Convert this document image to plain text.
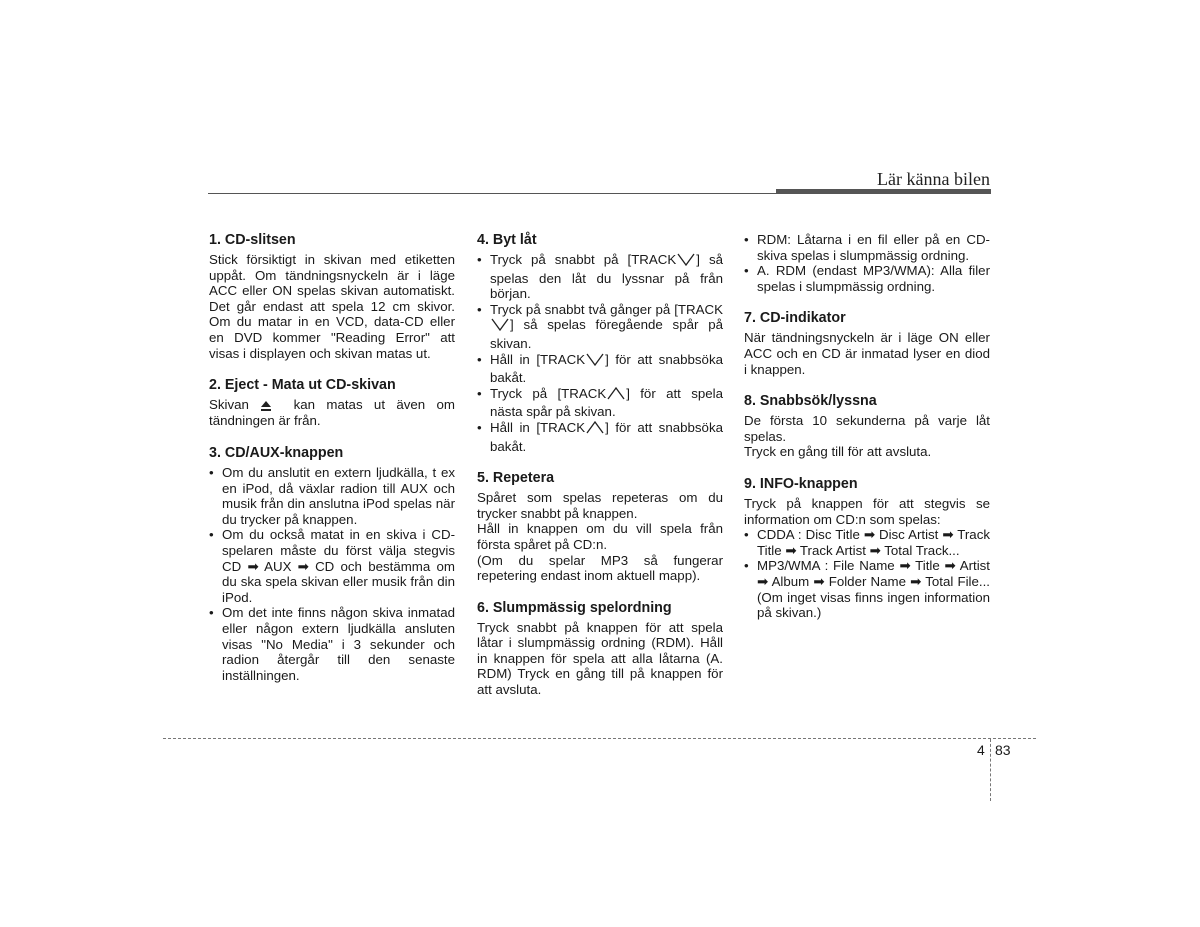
Lär känna bilen
1. CD-slitsen

Stick försiktigt in skivan med etiketten uppåt. Om tändningsnyckeln är i läge ACC eller ON spelas skivan automatiskt. Det går endast att spela 12 cm skivor. Om du matar in en VCD, data-CD eller en DVD kommer "Reading Error" att visas i displayen och skivan matas ut.

2. Eject - Mata ut CD-skivan

Skivan	kan matas ut även om tändningen är från.

3. CD/AUX-knappen
• Om du anslutit en extern ljudkälla, t ex en iPod, då växlar radion till AUX och musik från din anslutna iPod spelas när du trycker på knappen.
• Om du också matat in en skiva i CD-spelaren måste du först välja stegvis CD ➡ AUX ➡ CD och bestämma om du ska spela skivan eller musik från din iPod.
• Om det inte finns någon skiva inmatad eller någon extern ljudkälla ansluten visas "No Media" i 3 sekunder och radion återgår till den senaste inställningen.
4. Byt låt
• Tryck på snabbt på [TRACK ] så spelas den låt du lyssnar på från början.
• Tryck på snabbt två gånger på [TRACK] så spelas föregående spår på skivan.
• Håll in [TRACK ] för att snabbsöka bakåt.
• Tryck på [TRACK ] för att spela nästa spår på skivan.
• Håll in [TRACK ] för att snabbsöka bakåt.
5. Repetera

Spåret som spelas repeteras om du trycker snabbt på knappen.

Håll in knappen om du vill spela från första spåret på CD:n.

(Om du spelar MP3 så fungerar repetering endast inom aktuell mapp).

6. Slumpmässig spelordning

Tryck snabbt på knappen för att spela låtar i slumpmässig ordning (RDM). Håll in knappen för spela att alla låtarna (A. RDM) Tryck en gång till på knappen för att avsluta.

• RDM: Låtarna i en fil eller på en CD-skiva spelas i slumpmässig ordning.
• A. RDM (endast MP3/WMA): Alla filer spelas i slumpmässig ordning.
7. CD-indikator

När tändningsnyckeln är i läge ON eller ACC och en CD är inmatad lyser en diod i knappen.

8. Snabbsök/lyssna

De första 10 sekunderna på varje låt spelas.

Tryck en gång till för att avsluta.

9. INFO-knappen

Tryck på knappen för att stegvis se information om CD:n som spelas:

• CDDA : Disc Title ➡ Disc Artist ➡ Track Title ➡ Track Artist ➡ Total Track...
• MP3/WMA : File Name ➡ Title ➡ Artist ➡ Album ➡ Folder Name ➡ Total File... (Om inget visas finns ingen information på skivan.)
4 83
